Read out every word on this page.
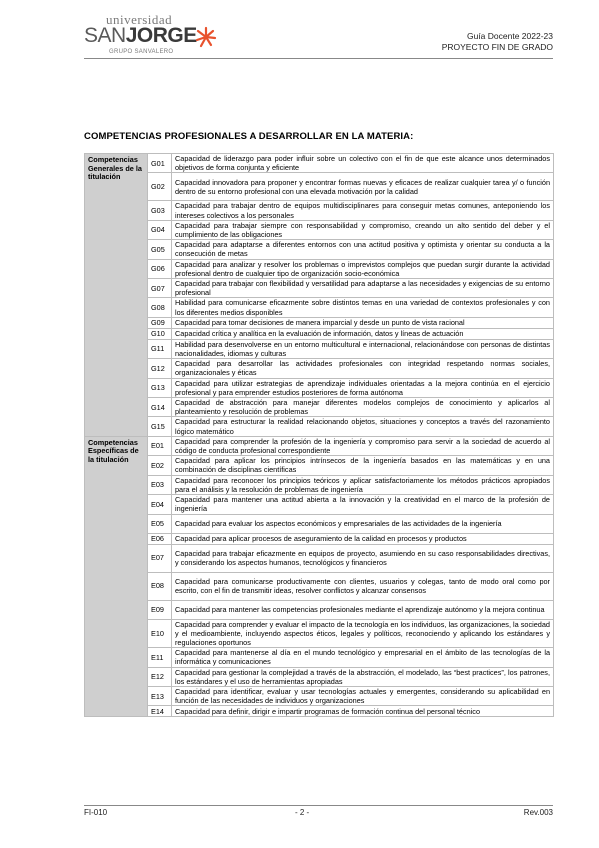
universidad
SANJORGE
GRUPO SANVALERO
Guía Docente 2022-23
PROYECTO FIN DE GRADO
COMPETENCIAS PROFESIONALES A DESARROLLAR EN LA MATERIA:
Competencias Generales de la titulación	G01	Capacidad de liderazgo para poder influir sobre un colectivo con el fin de que este alcance unos determinados objetivos de forma conjunta y eficiente
	G02	Capacidad innovadora para proponer y encontrar formas nuevas y eficaces de realizar cualquier tarea y/ o función dentro de su entorno profesional con una elevada motivación por la calidad
	G03	Capacidad para trabajar dentro de equipos multidisciplinares para conseguir metas comunes, anteponiendo los intereses colectivos a los personales
	G04	Capacidad para trabajar siempre con responsabilidad y compromiso, creando un alto sentido del deber y el cumplimiento de las obligaciones
	G05	Capacidad para adaptarse a diferentes entornos con una actitud positiva y optimista y orientar su conducta a la consecución de metas
	G06	Capacidad para analizar y resolver los problemas o imprevistos complejos que puedan surgir durante la actividad profesional dentro de cualquier tipo de organización socio-económica
	G07	Capacidad para trabajar con flexibilidad y versatilidad para adaptarse a las necesidades y exigencias de su entorno profesional
	G08	Habilidad para comunicarse eficazmente sobre distintos temas en una variedad de contextos profesionales y con los diferentes medios disponibles
	G09	Capacidad para tomar decisiones de manera imparcial y desde un punto de vista racional
	G10	Capacidad crítica y analítica en la evaluación de información, datos y líneas de actuación
	G11	Habilidad para desenvolverse en un entorno multicultural e internacional, relacionándose con personas de distintas nacionalidades, idiomas y culturas
	G12	Capacidad para desarrollar las actividades profesionales con integridad respetando normas sociales, organizacionales y éticas
	G13	Capacidad para utilizar estrategias de aprendizaje individuales orientadas a la mejora continúa en el ejercicio profesional y para emprender estudios posteriores de forma autónoma
	G14	Capacidad de abstracción para manejar diferentes modelos complejos de conocimiento y aplicarlos al planteamiento y resolución de problemas
	G15	Capacidad para estructurar la realidad relacionando objetos, situaciones y conceptos a través del razonamiento lógico matemático
Competencias Específicas de la titulación	E01	Capacidad para comprender la profesión de la ingeniería y compromiso para servir a la sociedad de acuerdo al código de conducta profesional correspondiente
	E02	Capacidad para aplicar los principios intrínsecos de la ingeniería basados en las matemáticas y en una combinación de disciplinas científicas
	E03	Capacidad para reconocer los principios teóricos y aplicar satisfactoriamente los métodos prácticos apropiados para el análisis y la resolución de problemas de ingeniería
	E04	Capacidad para mantener una actitud abierta a la innovación y la creatividad en el marco de la profesión de ingeniería
	E05	Capacidad para evaluar los aspectos económicos y empresariales de las actividades de la ingeniería
	E06	Capacidad para aplicar procesos de aseguramiento de la calidad en procesos y productos
	E07	Capacidad para trabajar eficazmente en equipos de proyecto, asumiendo en su caso responsabilidades directivas, y considerando los aspectos humanos, tecnológicos y financieros
	E08	Capacidad para comunicarse productivamente con clientes, usuarios y colegas, tanto de modo oral como por escrito, con el fin de transmitir ideas, resolver conflictos y alcanzar consensos
	E09	Capacidad para mantener las competencias profesionales mediante el aprendizaje autónomo y la mejora continua
	E10	Capacidad para comprender y evaluar el impacto de la tecnología en los individuos, las organizaciones, la sociedad y el medioambiente, incluyendo aspectos éticos, legales y políticos, reconociendo y aplicando los estándares y regulaciones oportunos
	E11	Capacidad para mantenerse al día en el mundo tecnológico y empresarial en el ámbito de las tecnologías de la informática y comunicaciones
	E12	Capacidad para gestionar la complejidad a través de la abstracción, el modelado, las “best practices”, los patrones, los estándares y el uso de herramientas apropiadas
	E13	Capacidad para identificar, evaluar y usar tecnologías actuales y emergentes, considerando su aplicabilidad en función de las necesidades de individuos y organizaciones
	E14	Capacidad para definir, dirigir e impartir programas de formación continua del personal técnico
FI-010	- 2 -	Rev.003
